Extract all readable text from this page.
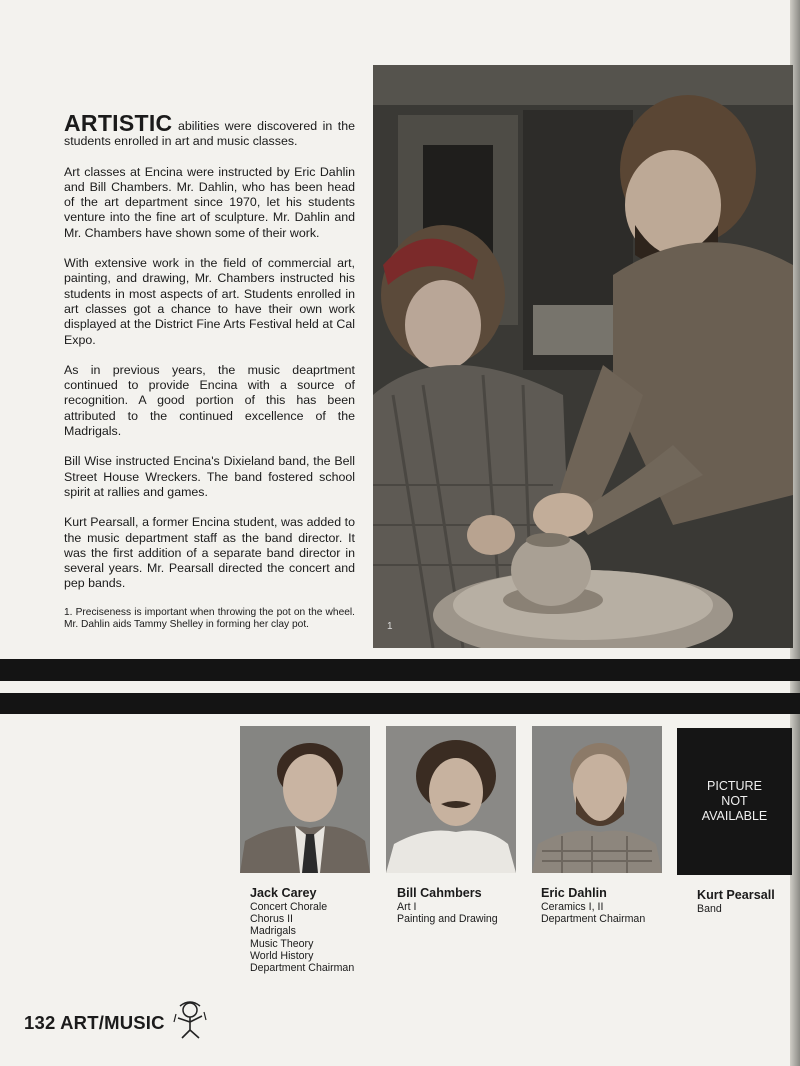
ARTISTIC abilities were discovered in the students enrolled in art and music classes.

Art classes at Encina were instructed by Eric Dahlin and Bill Chambers. Mr. Dahlin, who has been head of the art department since 1970, let his students venture into the fine art of sculpture. Mr. Dahlin and Mr. Chambers have shown some of their work.

With extensive work in the field of commercial art, painting, and drawing, Mr. Chambers instructed his students in most aspects of art. Students enrolled in art classes got a chance to have their own work displayed at the District Fine Arts Festival held at Cal Expo.

As in previous years, the music deaprtment continued to provide Encina with a source of recognition. A good portion of this has been attributed to the continued excellence of the Madrigals.

Bill Wise instructed Encina's Dixieland band, the Bell Street House Wreckers. The band fostered school spirit at rallies and games.

Kurt Pearsall, a former Encina student, was added to the music department staff as the band director. It was the first addition of a separate band director in several years. Mr. Pearsall directed the concert and pep bands.

1. Preciseness is important when throwing the pot on the wheel. Mr. Dahlin aids Tammy Shelley in forming her clay pot.	1
PICTURE
NOT
AVAILABLE
Jack Carey
Concert Chorale
Chorus II
Madrigals
Music Theory
World History
Department Chairman
Bill Cahmbers
Art I
Painting and Drawing
Eric Dahlin
Ceramics I, II
Department Chairman
Kurt Pearsall
Band
132 ART/MUSIC
